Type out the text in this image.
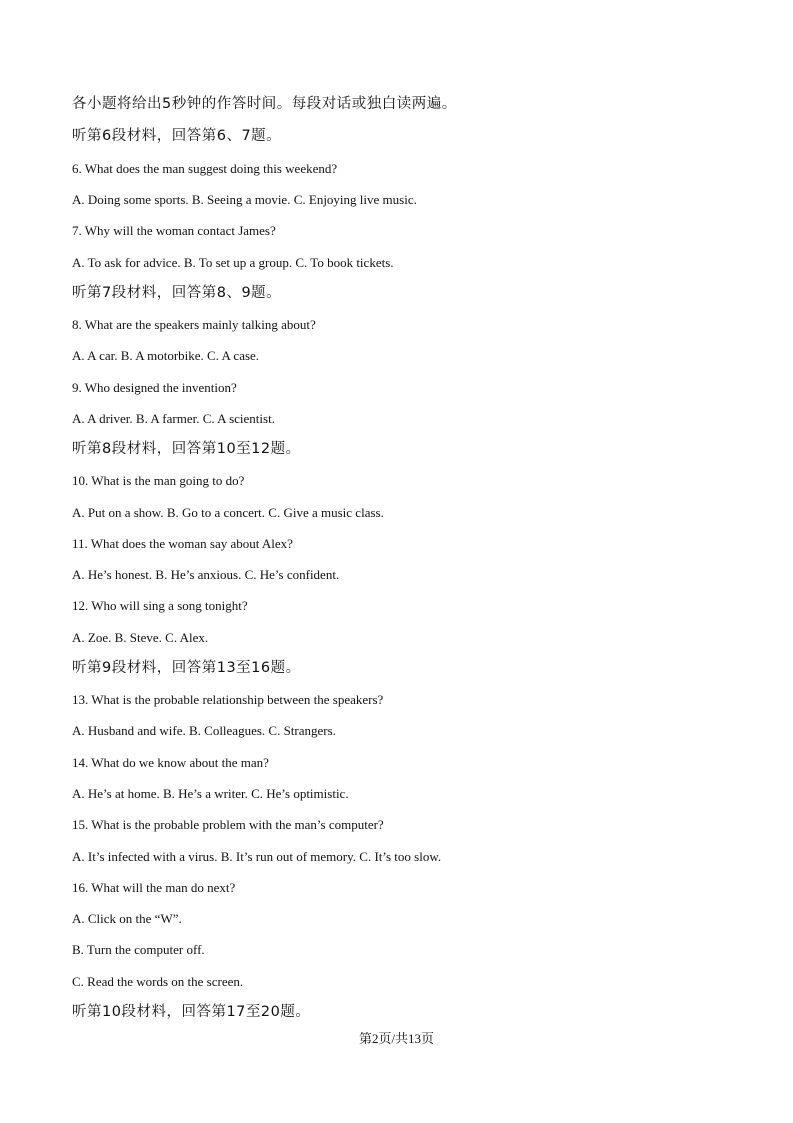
各小题将给出5秒钟的作答时间。每段对话或独白读两遍。
听第6段材料，回答第6、7题。
6. What does the man suggest doing this weekend?
A. Doing some sports. B. Seeing a movie. C. Enjoying live music.
7. Why will the woman contact James?
A. To ask for advice. B. To set up a group. C. To book tickets.
听第7段材料，回答第8、9题。
8. What are the speakers mainly talking about?
A. A car. B. A motorbike. C. A case.
9. Who designed the invention?
A. A driver. B. A farmer. C. A scientist.
听第8段材料，回答第10至12题。
10. What is the man going to do?
A. Put on a show. B. Go to a concert. C. Give a music class.
11. What does the woman say about Alex?
A. He’s honest. B. He’s anxious. C. He’s confident.
12. Who will sing a song tonight?
A. Zoe. B. Steve. C. Alex.
听第9段材料，回答第13至16题。
13. What is the probable relationship between the speakers?
A. Husband and wife. B. Colleagues. C. Strangers.
14. What do we know about the man?
A. He’s at home. B. He’s a writer. C. He’s optimistic.
15. What is the probable problem with the man’s computer?
A. It’s infected with a virus. B. It’s run out of memory. C. It’s too slow.
16. What will the man do next?
A. Click on the “W”.
B. Turn the computer off.
C. Read the words on the screen.
听第10段材料，回答第17至20题。
第2页/共13页
